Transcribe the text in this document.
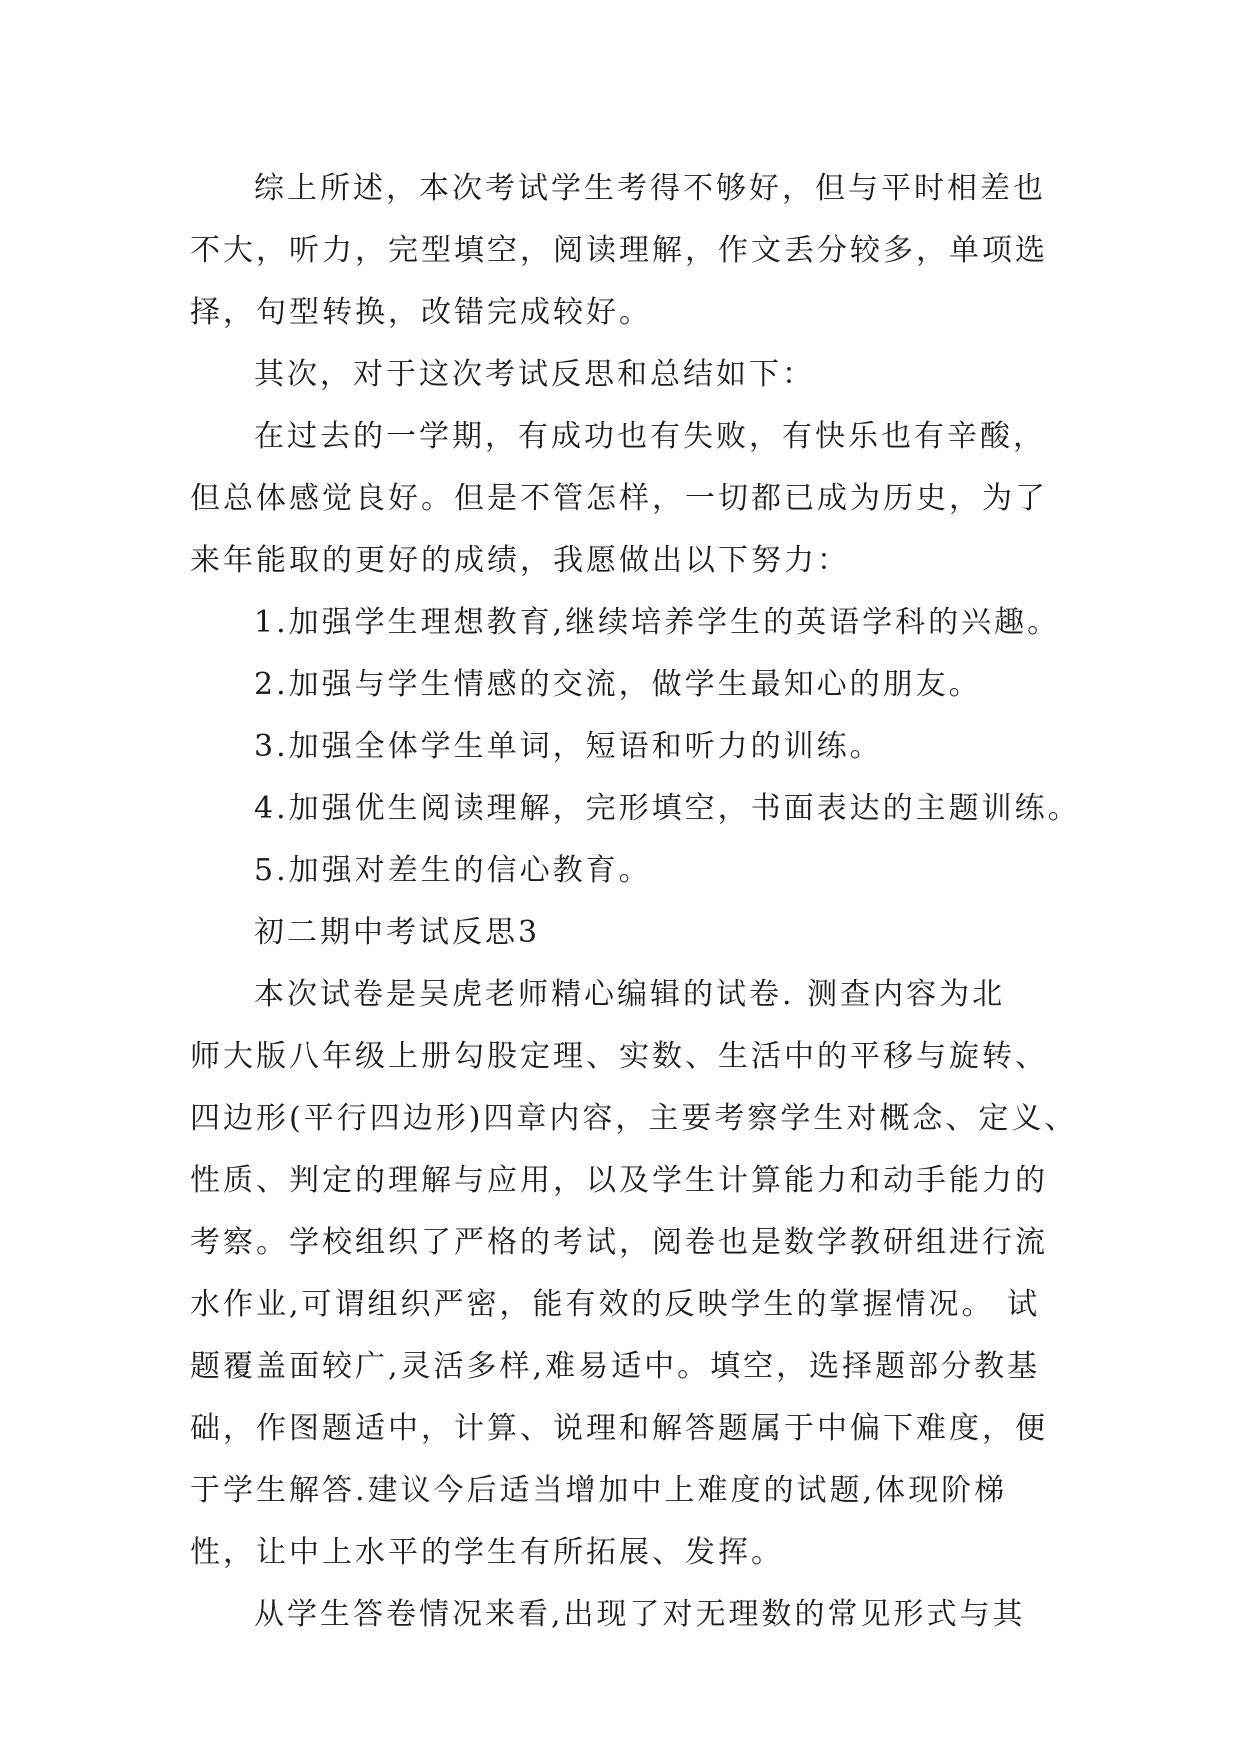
综上所述，本次考试学生考得不够好，但与平时相差也
不大，听力，完型填空，阅读理解，作文丢分较多，单项选
择，句型转换，改错完成较好。
其次，对于这次考试反思和总结如下：
在过去的一学期，有成功也有失败，有快乐也有辛酸，
但总体感觉良好。但是不管怎样，一切都已成为历史，为了
来年能取的更好的成绩，我愿做出以下努力：
1.加强学生理想教育,继续培养学生的英语学科的兴趣。
2.加强与学生情感的交流，做学生最知心的朋友。
3.加强全体学生单词，短语和听力的训练。
4.加强优生阅读理解，完形填空，书面表达的主题训练。
5.加强对差生的信心教育。
初二期中考试反思3
本次试卷是吴虎老师精心编辑的试卷. 测查内容为北
师大版八年级上册勾股定理、实数、生活中的平移与旋转、
四边形(平行四边形)四章内容，主要考察学生对概念、定义、
性质、判定的理解与应用，以及学生计算能力和动手能力的
考察。学校组织了严格的考试，阅卷也是数学教研组进行流
水作业,可谓组织严密，能有效的反映学生的掌握情况。 试
题覆盖面较广,灵活多样,难易适中。填空，选择题部分教基
础，作图题适中，计算、说理和解答题属于中偏下难度，便
于学生解答.建议今后适当增加中上难度的试题,体现阶梯
性，让中上水平的学生有所拓展、发挥。
从学生答卷情况来看,出现了对无理数的常见形式与其
